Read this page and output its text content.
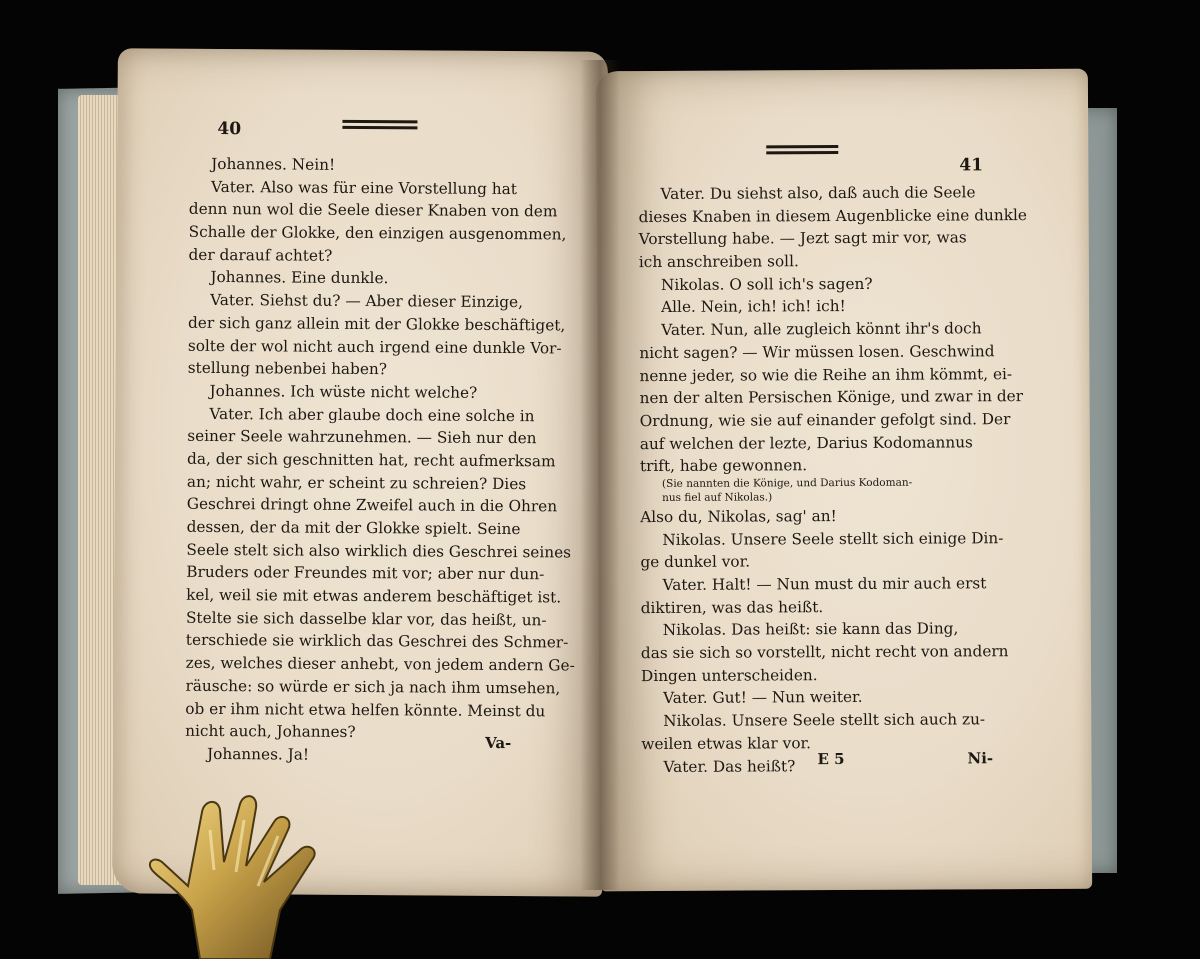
40
Johannes. Nein!
Vater. Also was für eine Vorstellung hat
denn nun wol die Seele dieser Knaben von dem
Schalle der Glokke, den einzigen ausgenommen,
der darauf achtet?
Johannes. Eine dunkle.
Vater. Siehst du? — Aber dieser Einzige,
der sich ganz allein mit der Glokke beschäftiget,
solte der wol nicht auch irgend eine dunkle Vor-
stellung nebenbei haben?
Johannes. Ich wüste nicht welche?
Vater. Ich aber glaube doch eine solche in
seiner Seele wahrzunehmen. — Sieh nur den
da, der sich geschnitten hat, recht aufmerksam
an; nicht wahr, er scheint zu schreien? Dies
Geschrei dringt ohne Zweifel auch in die Ohren
dessen, der da mit der Glokke spielt. Seine
Seele stelt sich also wirklich dies Geschrei seines
Bruders oder Freundes mit vor; aber nur dun-
kel, weil sie mit etwas anderem beschäftiget ist.
Stelte sie sich dasselbe klar vor, das heißt, un-
terschiede sie wirklich das Geschrei des Schmer-
zes, welches dieser anhebt, von jedem andern Ge-
räusche: so würde er sich ja nach ihm umsehen,
ob er ihm nicht etwa helfen könnte. Meinst du
nicht auch, Johannes?
Johannes. Ja!
Va-
41
Vater. Du siehst also, daß auch die Seele
dieses Knaben in diesem Augenblicke eine dunkle
Vorstellung habe. — Jezt sagt mir vor, was
ich anschreiben soll.
Nikolas. O soll ich's sagen?
Alle. Nein, ich! ich! ich!
Vater. Nun, alle zugleich könnt ihr's doch
nicht sagen? — Wir müssen losen. Geschwind
nenne jeder, so wie die Reihe an ihm kömmt, ei-
nen der alten Persischen Könige, und zwar in der
Ordnung, wie sie auf einander gefolgt sind. Der
auf welchen der lezte, Darius Kodomannus
trift, habe gewonnen.
(Sie nannten die Könige, und Darius Kodoman-
nus fiel auf Nikolas.)
Also du, Nikolas, sag' an!
Nikolas. Unsere Seele stellt sich einige Din-
ge dunkel vor.
Vater. Halt! — Nun must du mir auch erst
diktiren, was das heißt.
Nikolas. Das heißt: sie kann das Ding,
das sie sich so vorstellt, nicht recht von andern
Dingen unterscheiden.
Vater. Gut! — Nun weiter.
Nikolas. Unsere Seele stellt sich auch zu-
weilen etwas klar vor.
Vater. Das heißt?	E 5	Ni-
